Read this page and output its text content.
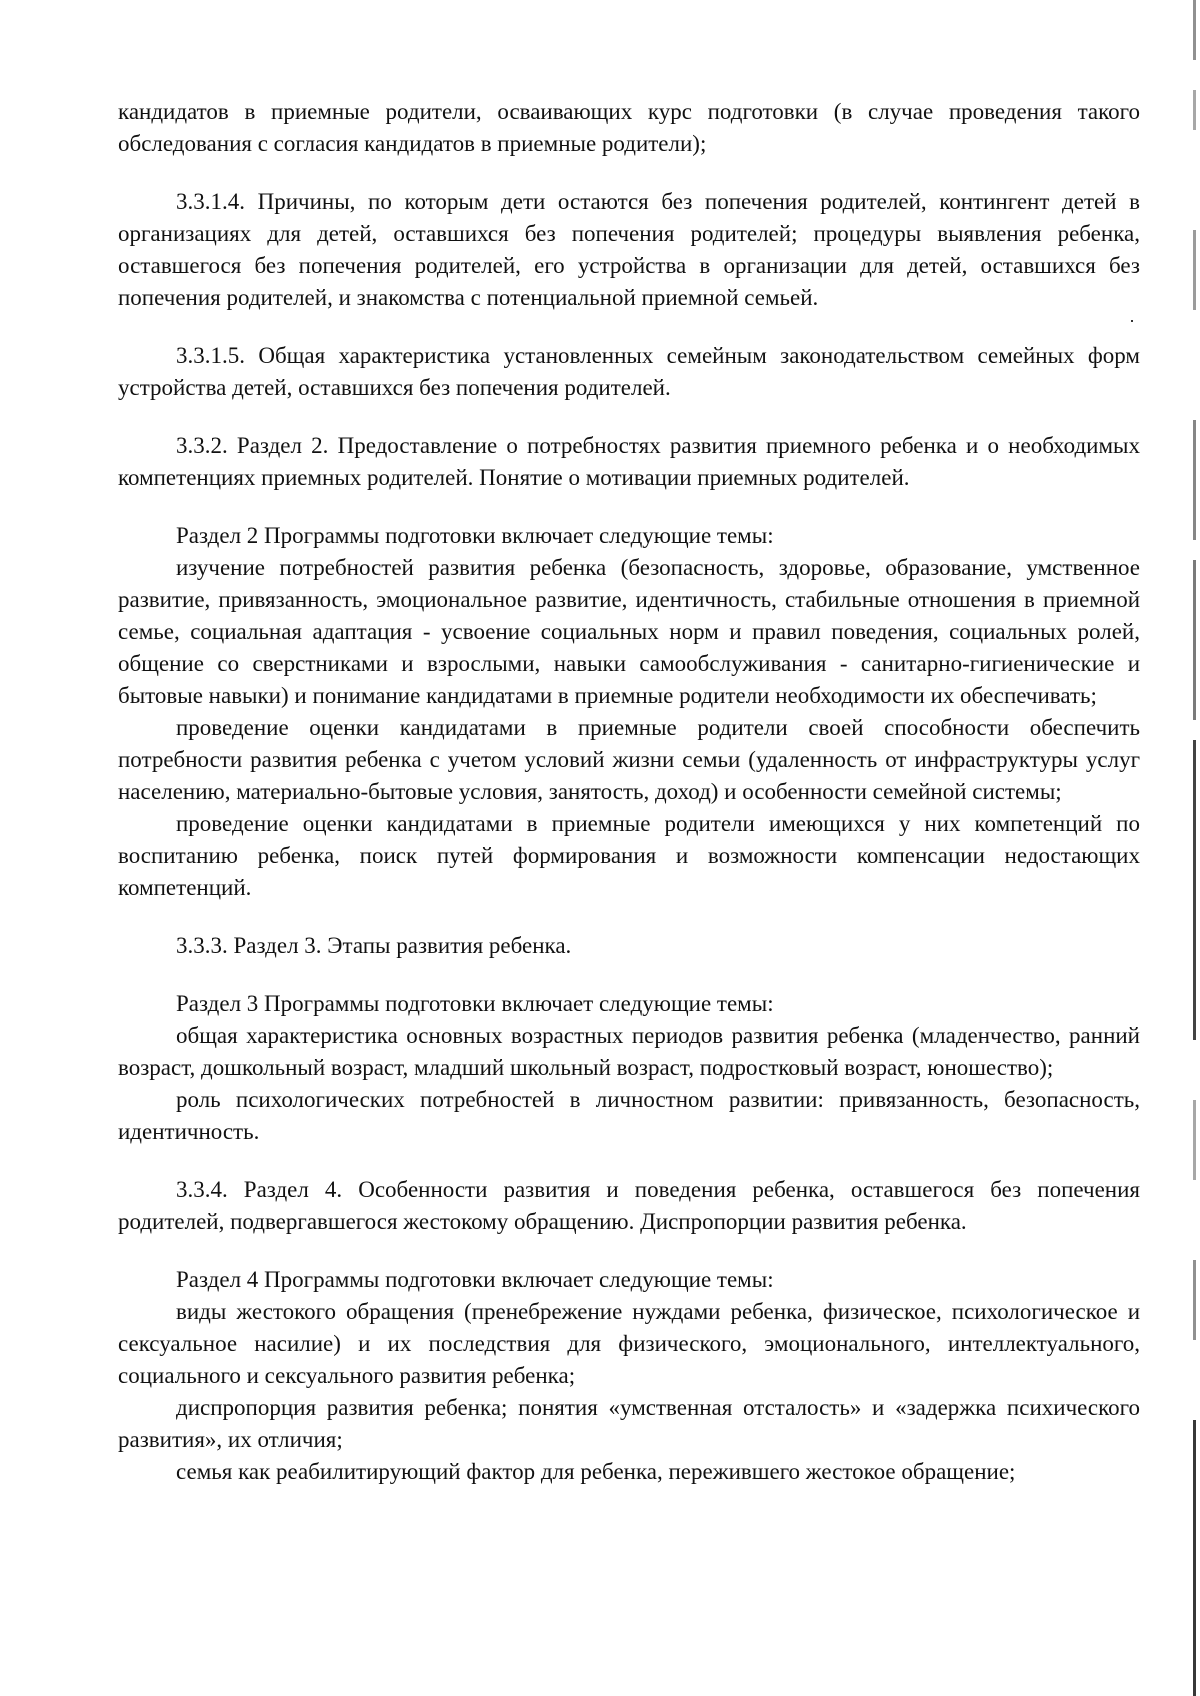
кандидатов в приемные родители, осваивающих курс подготовки (в случае проведения такого обследования с согласия кандидатов в приемные родители);

3.3.1.4. Причины, по которым дети остаются без попечения родителей, контингент детей в организациях для детей, оставшихся без попечения родителей; процедуры выявления ребенка, оставшегося без попечения родителей, его устройства в организации для детей, оставшихся без попечения родителей, и знакомства с потенциальной приемной семьей.

3.3.1.5. Общая характеристика установленных семейным законодательством семейных форм устройства детей, оставшихся без попечения родителей.

3.3.2. Раздел 2. Предоставление о потребностях развития приемного ребенка и о необходимых компетенциях приемных родителей. Понятие о мотивации приемных родителей.

Раздел 2 Программы подготовки включает следующие темы:

изучение потребностей развития ребенка (безопасность, здоровье, образование, умственное развитие, привязанность, эмоциональное развитие, идентичность, стабильные отношения в приемной семье, социальная адаптация - усвоение социальных норм и правил поведения, социальных ролей, общение со сверстниками и взрослыми, навыки самообслуживания - санитарно-гигиенические и бытовые навыки) и понимание кандидатами в приемные родители необходимости их обеспечивать;

проведение оценки кандидатами в приемные родители своей способности обеспечить потребности развития ребенка с учетом условий жизни семьи (удаленность от инфраструктуры услуг населению, материально-бытовые условия, занятость, доход) и особенности семейной системы;

проведение оценки кандидатами в приемные родители имеющихся у них компетенций по воспитанию ребенка, поиск путей формирования и возможности компенсации недостающих компетенций.

3.3.3. Раздел 3. Этапы развития ребенка.

Раздел 3 Программы подготовки включает следующие темы:

общая характеристика основных возрастных периодов развития ребенка (младенчество, ранний возраст, дошкольный возраст, младший школьный возраст, подростковый возраст, юношество);

роль психологических потребностей в личностном развитии: привязанность, безопасность, идентичность.

3.3.4. Раздел 4. Особенности развития и поведения ребенка, оставшегося без попечения родителей, подвергавшегося жестокому обращению. Диспропорции развития ребенка.

Раздел 4 Программы подготовки включает следующие темы:

виды жестокого обращения (пренебрежение нуждами ребенка, физическое, психологическое и сексуальное насилие) и их последствия для физического, эмоционального, интеллектуального, социального и сексуального развития ребенка;

диспропорция развития ребенка; понятия «умственная отсталость» и «задержка психического развития», их отличия;

семья как реабилитирующий фактор для ребенка, пережившего жестокое обращение;
